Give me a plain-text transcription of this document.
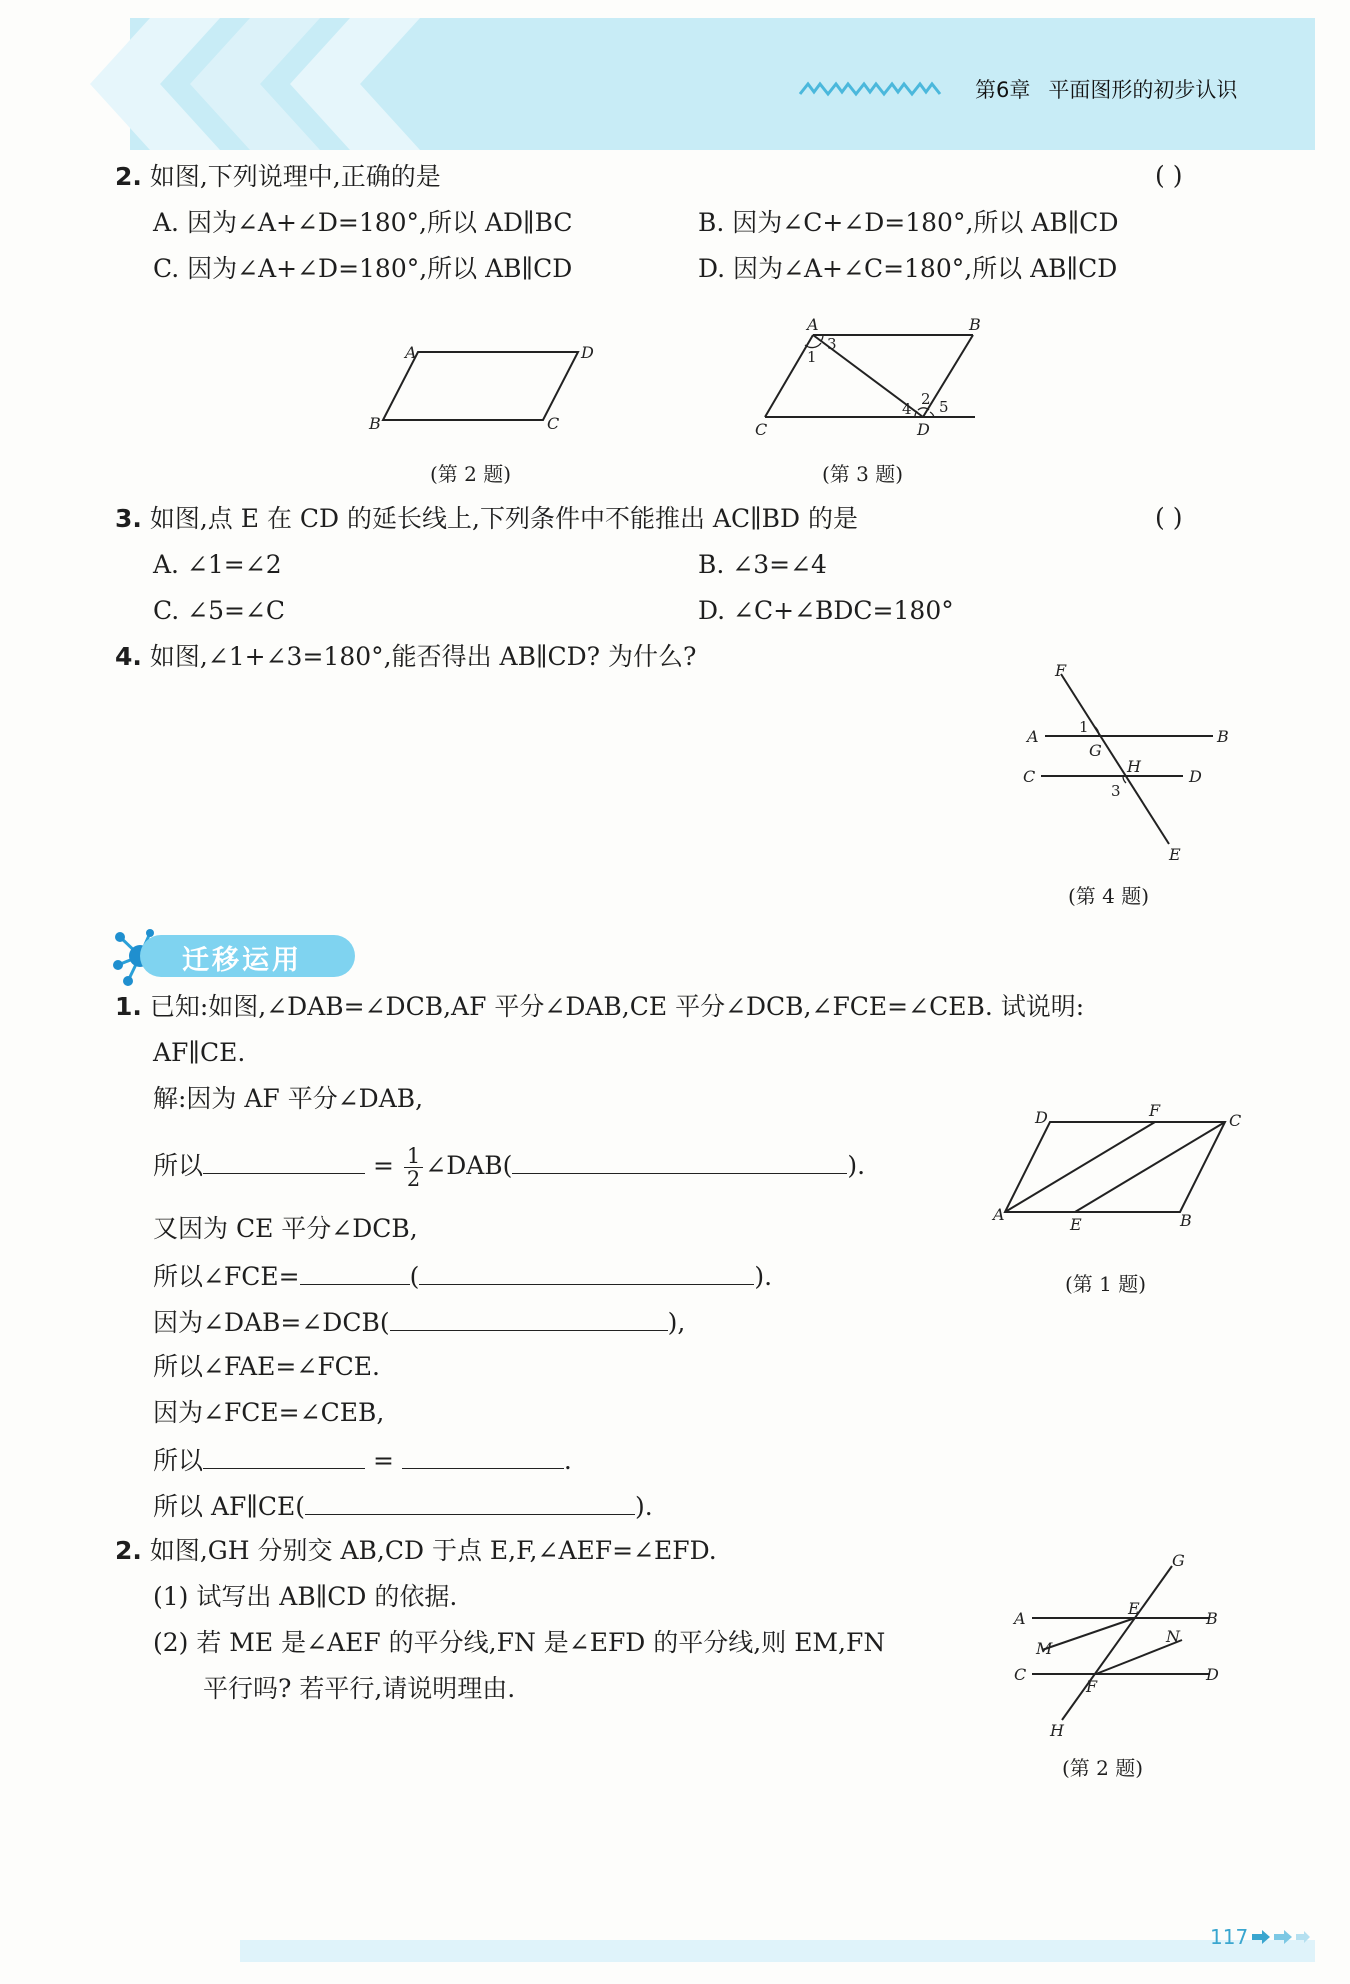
第6章 平面图形的初步认识
2. 如图,下列说理中,正确的是	( )
A. 因为∠A+∠D=180°,所以 AD∥BC	B. 因为∠C+∠D=180°,所以 AB∥CD
C. 因为∠A+∠D=180°,所以 AB∥CD	D. 因为∠A+∠C=180°,所以 AB∥CD
A	D
B	C
(第 2 题)
A	B
C	D
1
2
3
4 5
(第 3 题)
3. 如图,点 E 在 CD 的延长线上,下列条件中不能推出 AC∥BD 的是	( )
A. ∠1=∠2	B. ∠3=∠4
C. ∠5=∠C	D. ∠C+∠BDC=180°
4. 如图,∠1+∠3=180°,能否得出 AB∥CD? 为什么?	F
A	B
G
1
C	D
H
3
E
(第 4 题)
迁移运用
1. 已知:如图,∠DAB=∠DCB,AF 平分∠DAB,CE 平分∠DCB,∠FCE=∠CEB. 试说明:
AF∥CE.
解:因为 AF 平分∠DAB,
所以	= $\frac{1}{2}$ ∠DAB(	).
又因为 CE 平分∠DCB,
所以∠FCE=	(	).
因为∠DAB=∠DCB(	),
所以∠FAE=∠FCE.
因为∠FCE=∠CEB,
所以	=	.
所以 AF∥CE(	).
D	F
C
A
E	B
(第 1 题)
2. 如图,GH 分别交 AB,CD 于点 E,F,∠AEF=∠EFD.
(1) 试写出 AB∥CD 的依据.
(2) 若 ME 是∠AEF 的平分线,FN 是∠EFD 的平分线,则 EM,FN
平行吗? 若平行,请说明理由.
G
A
E
B
N
M
C
F
D
H
(第 2 题)
117
